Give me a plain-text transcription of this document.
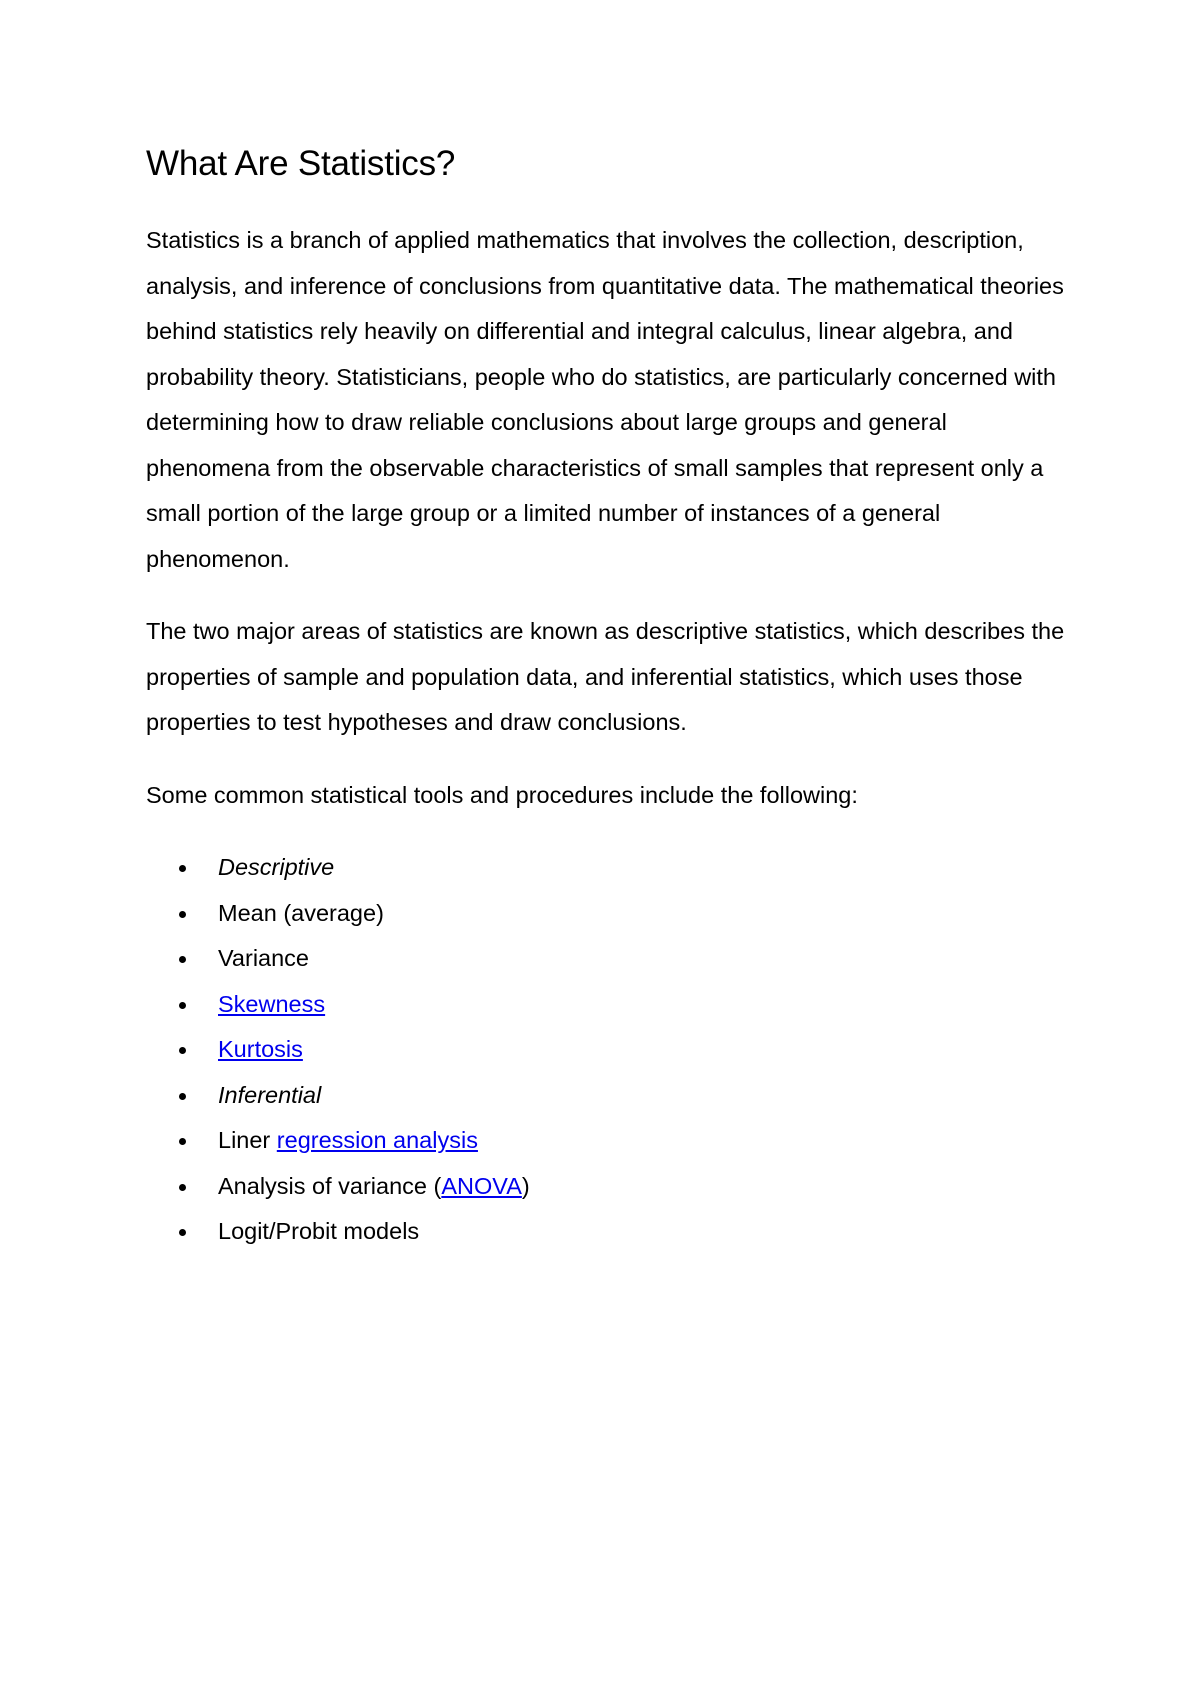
What Are Statistics?

Statistics is a branch of applied mathematics that involves the collection, description, analysis, and inference of conclusions from quantitative data. The mathematical theories behind statistics rely heavily on differential and integral calculus, linear algebra, and probability theory. Statisticians, people who do statistics, are particularly concerned with determining how to draw reliable conclusions about large groups and general phenomena from the observable characteristics of small samples that represent only a small portion of the large group or a limited number of instances of a general phenomenon.

The two major areas of statistics are known as descriptive statistics, which describes the properties of sample and population data, and inferential statistics, which uses those properties to test hypotheses and draw conclusions.

Some common statistical tools and procedures include the following:

Descriptive
Mean (average)
Variance
Skewness
Kurtosis
Inferential
Liner regression analysis
Analysis of variance (ANOVA)
Logit/Probit models
